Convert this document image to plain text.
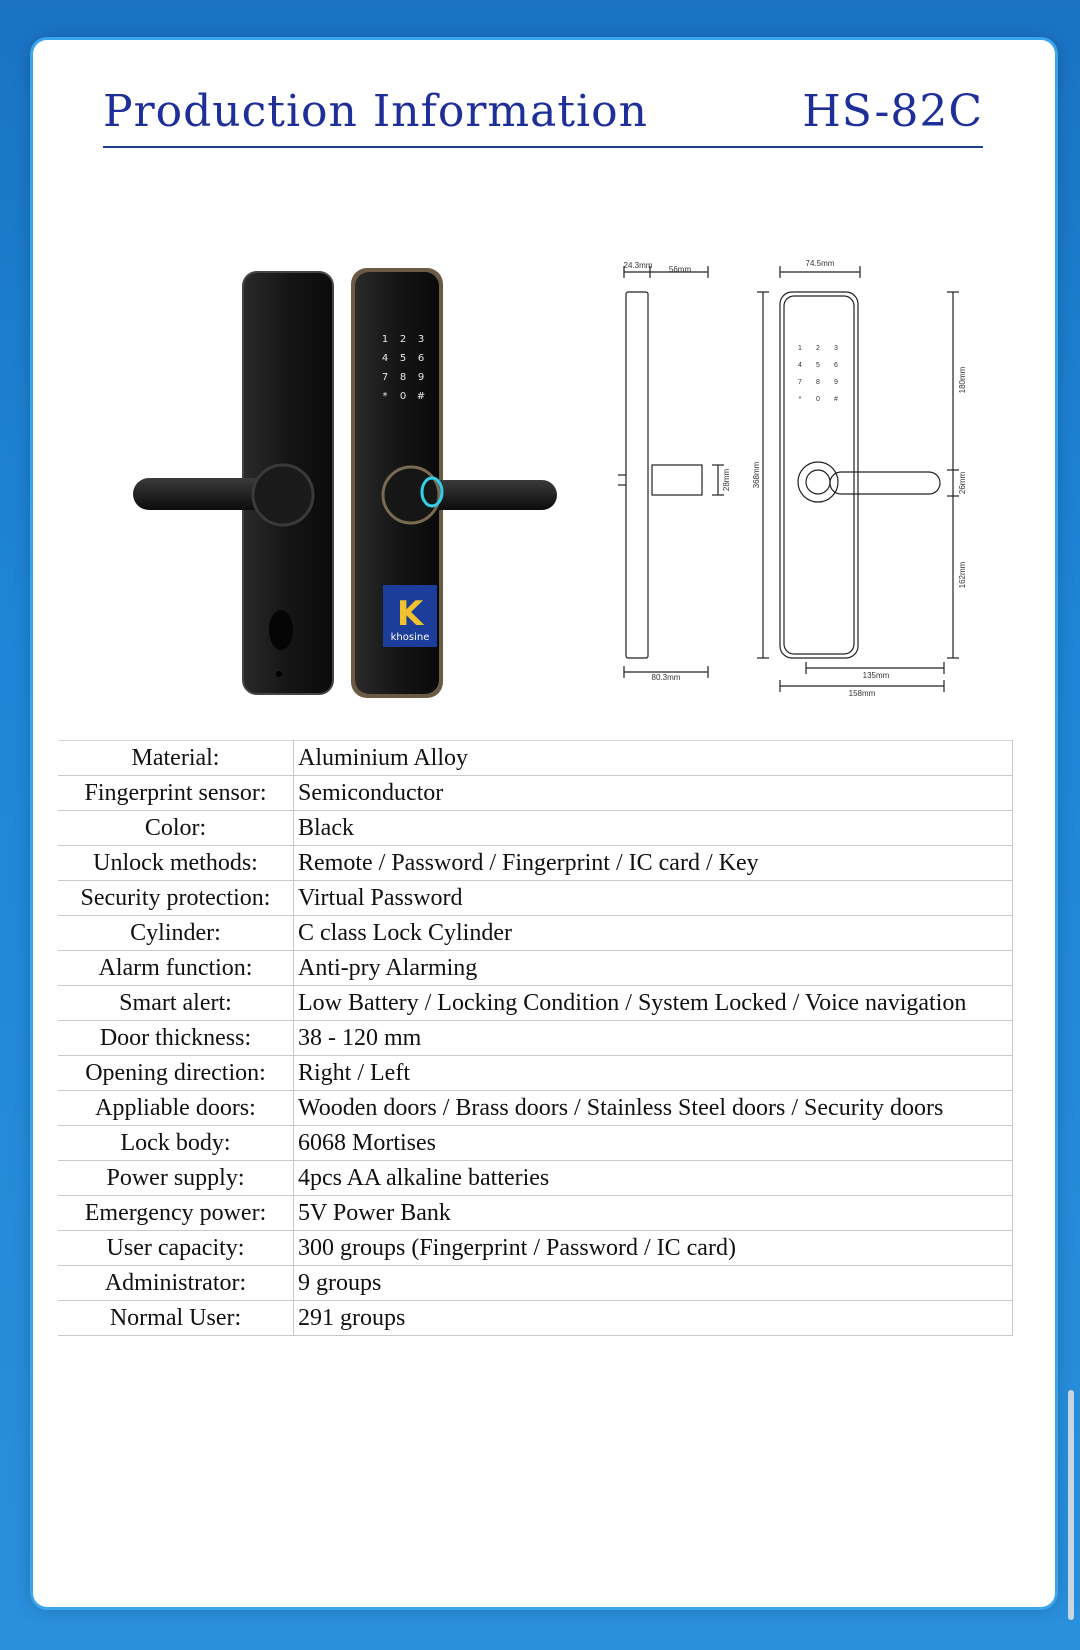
Production Information	HS-82C
1 2 3
4 5 6
7 8 9
* 0 #
K
khosine
1 2 3
4 5 6
7 8 9
* 0 #
24.3mm 56mm
74.5mm
80.3mm	135mm
158mm
28mm	368mm
180mm
26mm
162mm
Material:	Aluminium Alloy
Fingerprint sensor:	Semiconductor
Color:	Black
Unlock methods:	Remote / Password / Fingerprint / IC card / Key
Security protection:	Virtual Password
Cylinder:	C class Lock Cylinder
Alarm function:	Anti-pry Alarming
Smart alert:	Low Battery / Locking Condition / System Locked / Voice navigation
Door thickness:	38 - 120 mm
Opening direction:	Right / Left
Appliable doors:	Wooden doors / Brass doors / Stainless Steel doors / Security doors
Lock body:	6068 Mortises
Power supply:	4pcs AA alkaline batteries
Emergency power:	5V Power Bank
User capacity:	300 groups (Fingerprint / Password / IC card)
Administrator:	9 groups
Normal User:	291 groups
